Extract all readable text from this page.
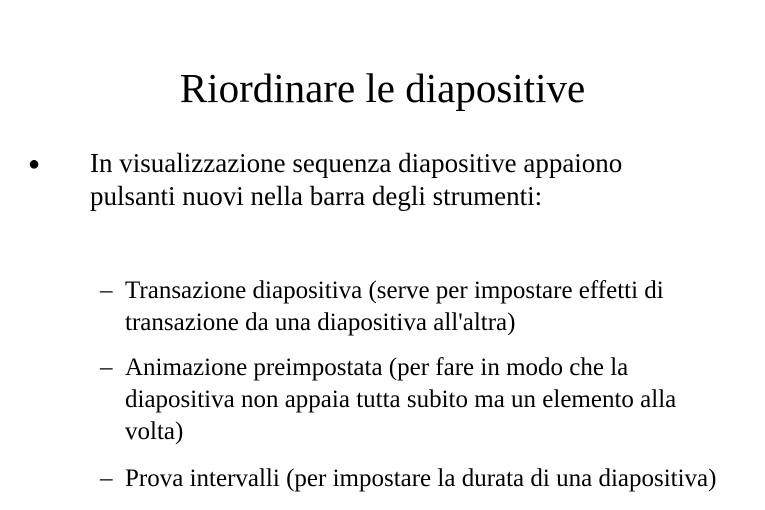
Riordinare le diapositive
● In visualizzazione sequenza diapositive appaiono pulsanti nuovi nella barra degli strumenti:
– Transazione diapositiva (serve per impostare effetti di transazione da una diapositiva all'altra)
– Animazione preimpostata (per fare in modo che la diapositiva non appaia tutta subito ma un elemento alla volta)
– Prova intervalli (per impostare la durata di una diapositiva)
